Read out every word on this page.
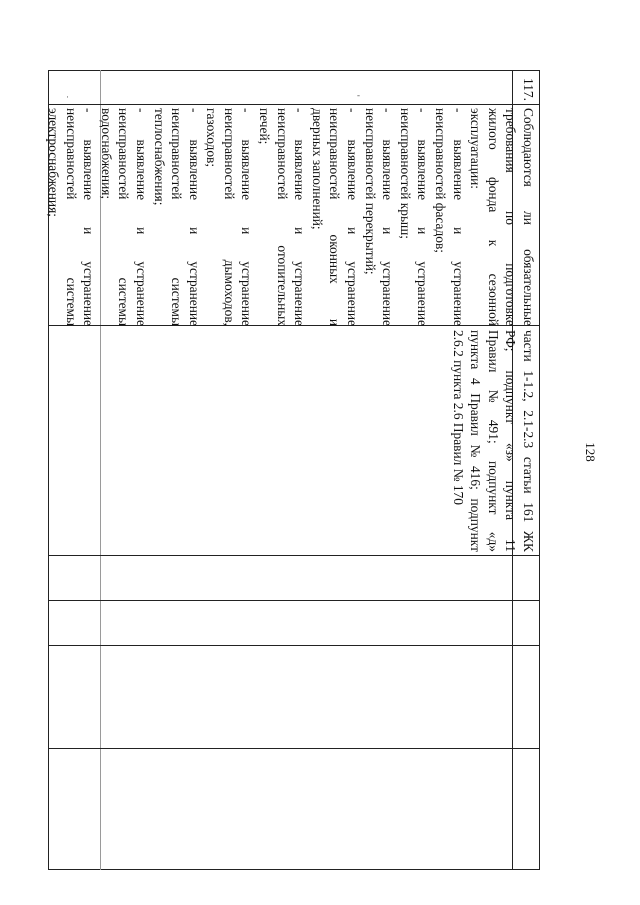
128
117.
Соблюдаются
ли
обязательные
требования
по
подготовке
жилого
фонда
к
сезонной
эксплуатации:
-
выявление
и
устранение
неисправностей фасадов;
-
выявление
и
устранение
неисправностей крыш;
-
выявление
и
устранение
неисправностей перекрытий;
-
выявление
и
устранение
неисправностей
оконных
и
дверных заполнений;
-
выявление
и
устранение
неисправностей
отопительных
печей;
-
выявление
и
устранение
неисправностей
дымоходов,
газоходов;
-
выявление
и
устранение
неисправностей
системы
теплоснабжения;
-
выявление
и
устранение
неисправностей
системы
водоснабжения;
-
выявление
и
устранение
неисправностей
системы
электроснабжения;
части
1-1.2,
2.1-2.3
статьи
161
ЖК
РФ;
подпункт
«з»
пункта
11
Правил
№
491;
подпункт
«д»
пункта
4
Правил
№
416;
подпункт
2.6.2 пункта 2.6 Правил № 170
·	-
